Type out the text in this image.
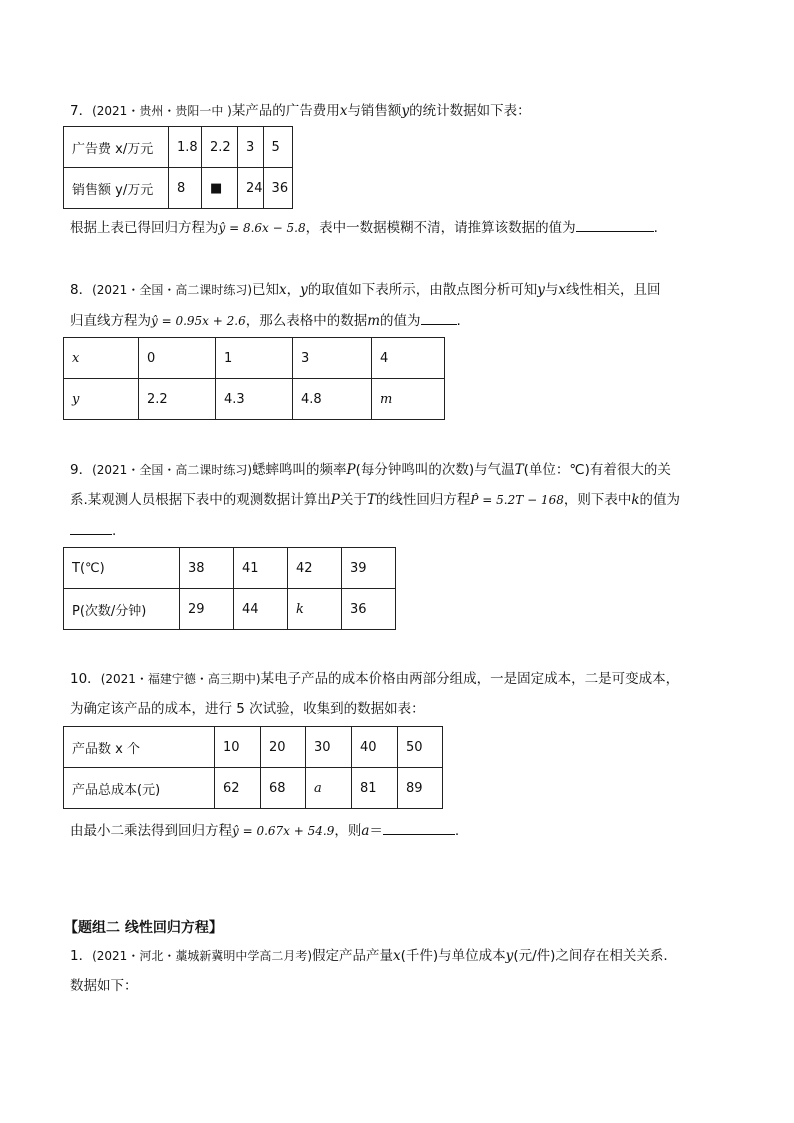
7．(2021・贵州・贵阳一中 )某产品的广告费用x与销售额y的统计数据如下表：
广告费 x/万元	1.8	2.2	3	5
销售额 y/万元	8	■	24	36
根据上表已得回归方程为ŷ = 8.6x − 5.8，表中一数据模糊不清，请推算该数据的值为	.
8．(2021・全国・高二课时练习)已知x，y的取值如下表所示，由散点图分析可知y与x线性相关，且回
归直线方程为ŷ = 0.95x + 2.6，那么表格中的数据m的值为	.
x	0	1	3	4
y	2.2	4.3	4.8	m
9．(2021・全国・高二课时练习)蟋蟀鸣叫的频率P(每分钟鸣叫的次数)与气温T(单位：℃)有着很大的关
系.某观测人员根据下表中的观测数据计算出P关于T的线性回归方程P̂ = 5.2T − 168，则下表中k的值为
.
T(℃)	38	41	42	39
P(次数/分钟)	29	44	k	36
10．(2021・福建宁德・高三期中)某电子产品的成本价格由两部分组成，一是固定成本，二是可变成本，
为确定该产品的成本，进行 5 次试验，收集到的数据如表：
产品数 x 个	10	20	30	40	50
产品总成本(元)	62	68	a	81	89
由最小二乘法得到回归方程ŷ = 0.67x + 54.9，则a＝	.
【题组二 线性回归方程】
1．(2021・河北・藁城新冀明中学高二月考)假定产品产量x(千件)与单位成本y(元/件)之间存在相关关系.
数据如下：
